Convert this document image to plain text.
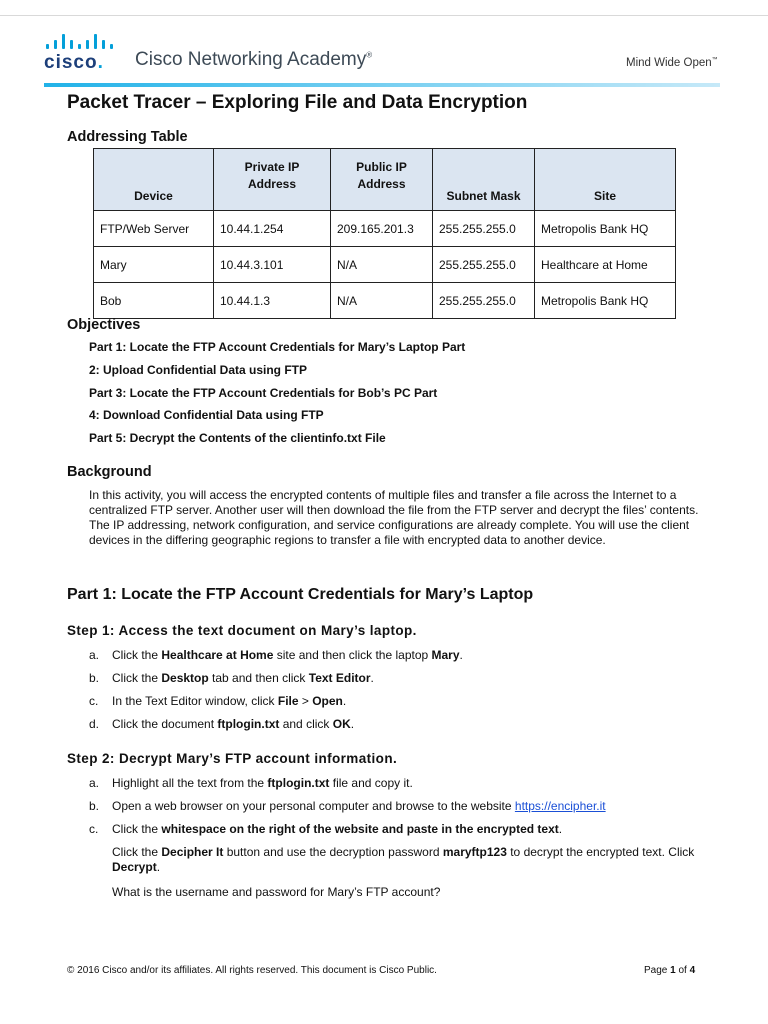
cisco. Cisco Networking Academy®
Mind Wide Open™
Packet Tracer – Exploring File and Data Encryption
Addressing Table
Device	Private IP Address	Public IP Address	Subnet Mask	Site
FTP/Web Server	10.44.1.254	209.165.201.3	255.255.255.0	Metropolis Bank HQ
Mary	10.44.3.101	N/A	255.255.255.0	Healthcare at Home
Bob	10.44.1.3	N/A	255.255.255.0	Metropolis Bank HQ
Objectives
Part 1: Locate the FTP Account Credentials for Mary’s Laptop Part
2: Upload Confidential Data using FTP
Part 3: Locate the FTP Account Credentials for Bob’s PC Part
4: Download Confidential Data using FTP
Part 5: Decrypt the Contents of the clientinfo.txt File
Background
In this activity, you will access the encrypted contents of multiple files and transfer a file across the Internet to a centralized FTP server. Another user will then download the file from the FTP server and decrypt the files’ contents. The IP addressing, network configuration, and service configurations are already complete. You will use the client devices in the differing geographic regions to transfer a file with encrypted data to another device.
Part 1: Locate the FTP Account Credentials for Mary’s Laptop
Step 1: Access the text document on Mary’s laptop.
a. Click the Healthcare at Home site and then click the laptop Mary.
b. Click the Desktop tab and then click Text Editor.
c. In the Text Editor window, click File > Open.
d. Click the document ftplogin.txt and click OK.
Step 2: Decrypt Mary’s FTP account information.
a. Highlight all the text from the ftplogin.txt file and copy it.
b. Open a web browser on your personal computer and browse to the website https://encipher.it
c. Click the whitespace on the right of the website and paste in the encrypted text.
Click the Decipher It button and use the decryption password maryftp123 to decrypt the encrypted text. Click Decrypt.
What is the username and password for Mary’s FTP account?
© 2016 Cisco and/or its affiliates. All rights reserved. This document is Cisco Public.	Page 1 of 4
